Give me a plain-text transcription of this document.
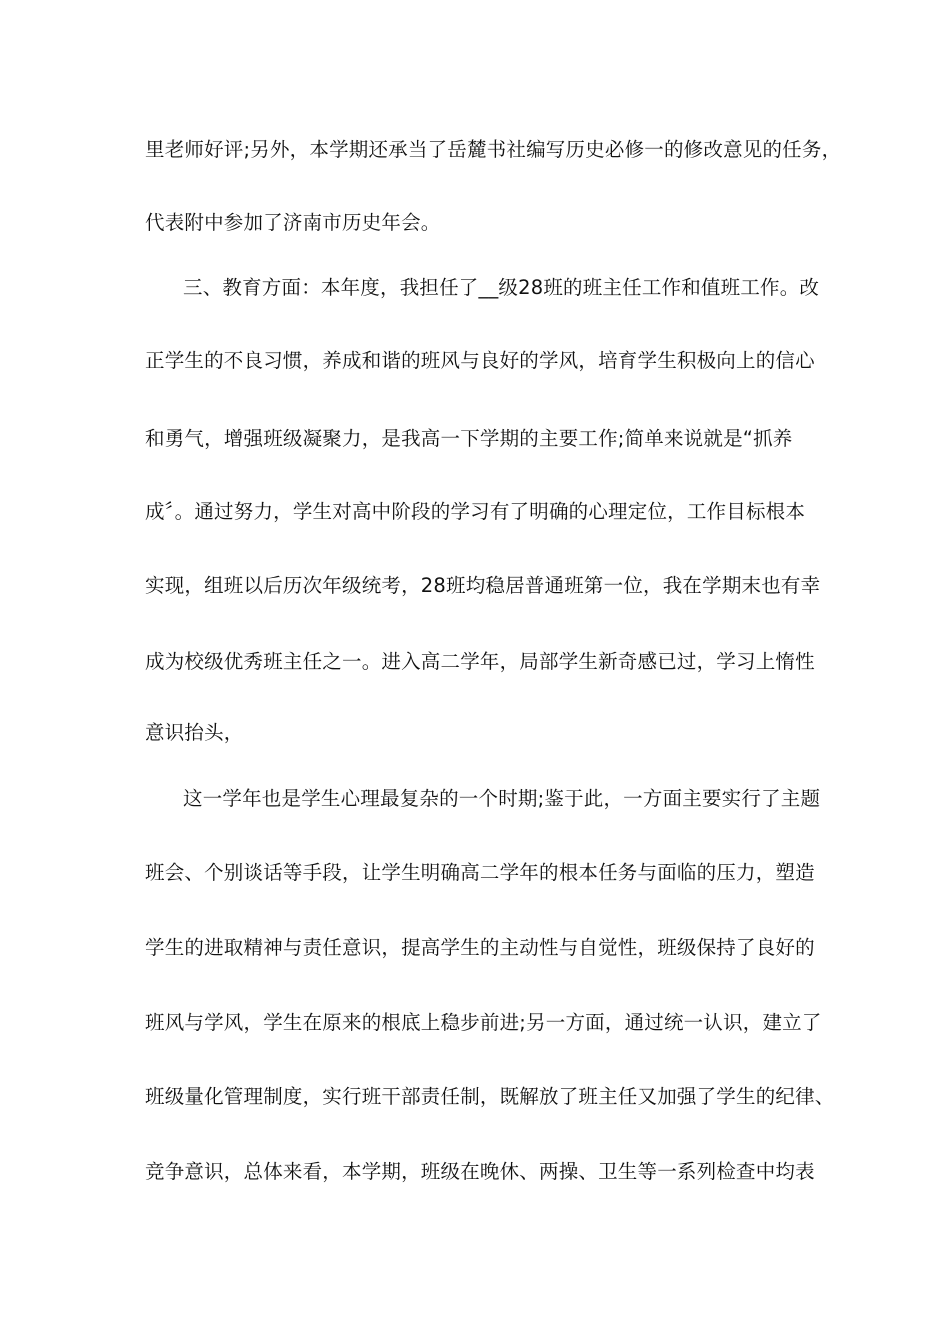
里老师好评;另外，本学期还承当了岳麓书社编写历史必修一的修改意见的任务，
代表附中参加了济南市历史年会。
三、教育方面：本年度，我担任了__级28班的班主任工作和值班工作。改
正学生的不良习惯，养成和谐的班风与良好的学风，培育学生积极向上的信心
和勇气，增强班级凝聚力，是我高一下学期的主要工作;简单来说就是“抓养
成〞。通过努力，学生对高中阶段的学习有了明确的心理定位，工作目标根本
实现，组班以后历次年级统考，28班均稳居普通班第一位，我在学期末也有幸
成为校级优秀班主任之一。进入高二学年，局部学生新奇感已过，学习上惰性
意识抬头，
这一学年也是学生心理最复杂的一个时期;鉴于此，一方面主要实行了主题
班会、个别谈话等手段，让学生明确高二学年的根本任务与面临的压力，塑造
学生的进取精神与责任意识，提高学生的主动性与自觉性，班级保持了良好的
班风与学风，学生在原来的根底上稳步前进;另一方面，通过统一认识，建立了
班级量化管理制度，实行班干部责任制，既解放了班主任又加强了学生的纪律、
竞争意识，总体来看，本学期，班级在晚休、两操、卫生等一系列检查中均表
